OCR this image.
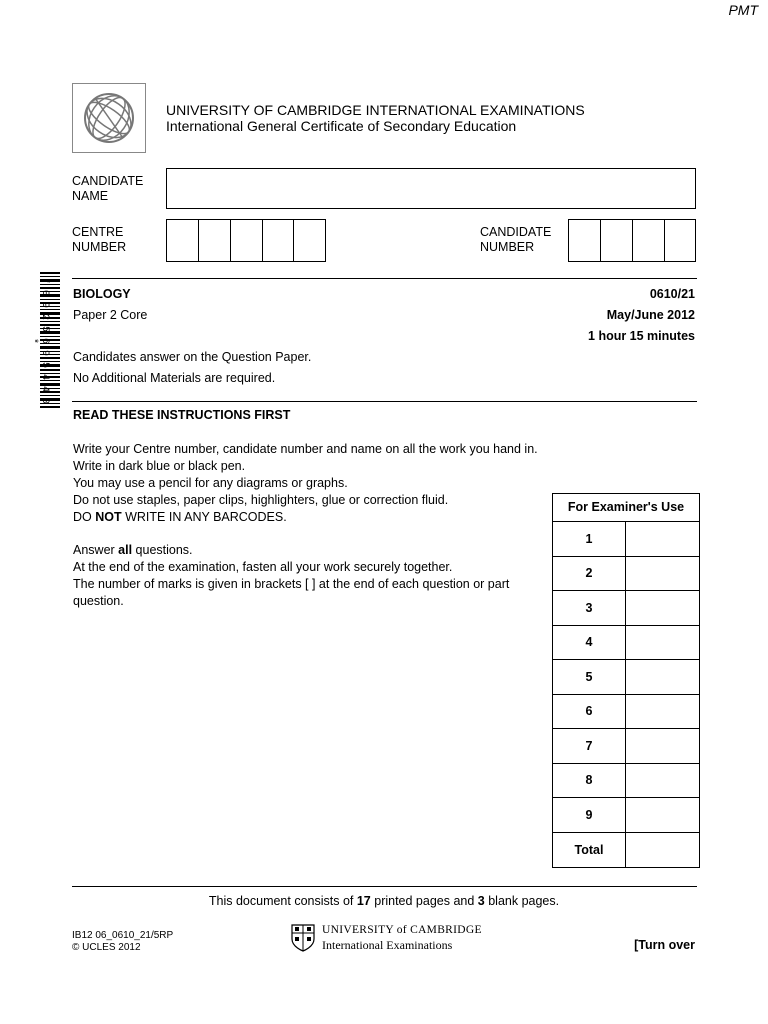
PMT
UNIVERSITY OF CAMBRIDGE INTERNATIONAL EXAMINATIONS
International General Certificate of Secondary Education
CANDIDATE
NAME
CENTRE
NUMBER
CANDIDATE
NUMBER
BIOLOGY	0610/21
Paper 2 Core	May/June 2012
1 hour 15 minutes
Candidates answer on the Question Paper.
No Additional Materials are required.
* 0 9 2 5 6 9 5 4 4 0 *
READ THESE INSTRUCTIONS FIRST

Write your Centre number, candidate number and name on all the work you hand in.

Write in dark blue or black pen.

You may use a pencil for any diagrams or graphs.

Do not use staples, paper clips, highlighters, glue or correction fluid.

DO NOT WRITE IN ANY BARCODES.

Answer all questions.

At the end of the examination, fasten all your work securely together.

The number of marks is given in brackets [ ] at the end of each question or part

question.

For Examiner's Use
1
2
3
4
5
6
7
8
9
Total
This document consists of 17 printed pages and 3 blank pages.
IB12 06_0610_21/5RP
© UCLES 2012
UNIVERSITY of CAMBRIDGE
International Examinations	[Turn over
